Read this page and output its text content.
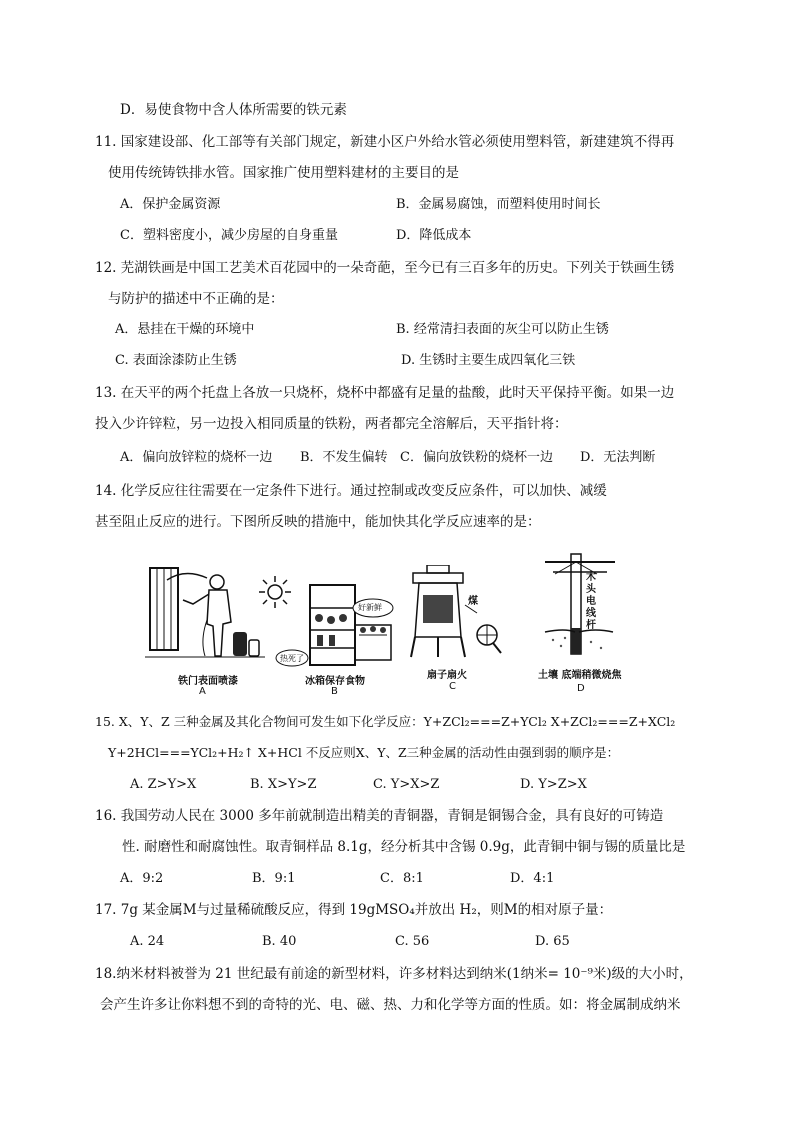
D．易使食物中含人体所需要的铁元素
11. 国家建设部、化工部等有关部门规定，新建小区户外给水管必须使用塑料管，新建建筑不得再
使用传统铸铁排水管。国家推广使用塑料建材的主要目的是
A．保护金属资源	B．金属易腐蚀，而塑料使用时间长
C．塑料密度小，减少房屋的自身重量	D．降低成本
12. 芜湖铁画是中国工艺美术百花园中的一朵奇葩，至今已有三百多年的历史。下列关于铁画生锈
与防护的描述中不正确的是：
A．悬挂在干燥的环境中	B. 经常清扫表面的灰尘可以防止生锈
C. 表面涂漆防止生锈	D. 生锈时主要生成四氧化三铁
13. 在天平的两个托盘上各放一只烧杯，烧杯中都盛有足量的盐酸，此时天平保持平衡。如果一边
投入少许锌粒，另一边投入相同质量的铁粉，两者都完全溶解后，天平指针将：
A．偏向放锌粒的烧杯一边 B．不发生偏转 C．偏向放铁粉的烧杯一边 D．无法判断
14. 化学反应往往需要在一定条件下进行。通过控制或改变反应条件，可以加快、减缓
甚至阻止反应的进行。下图所反映的措施中，能加快其化学反应速率的是：
铁门表面喷漆
A
好新鲜
热死了
冰箱保存食物
B
煤
扇子扇火
C
木
头
电
线
杆
土壤 底端稍微烧焦
D
15. X、Y、Z 三种金属及其化合物间可发生如下化学反应：Y+ZCl₂===Z+YCl₂ X+ZCl₂===Z+XCl₂
Y+2HCl===YCl₂+H₂↑ X+HCl 不反应则X、Y、Z三种金属的活动性由强到弱的顺序是：
A. Z>Y>X	B. X>Y>Z	C. Y>X>Z	D. Y>Z>X
16. 我国劳动人民在 3000 多年前就制造出精美的青铜器，青铜是铜锡合金，具有良好的可铸造
性. 耐磨性和耐腐蚀性。取青铜样品 8.1g，经分析其中含锡 0.9g，此青铜中铜与锡的质量比是
A．9:2	B．9:1	C．8:1	D．4:1
17. 7g 某金属M与过量稀硫酸反应，得到 19gMSO₄并放出 H₂，则M的相对原子量：
A. 24	B. 40	C. 56	D. 65
18.纳米材料被誉为 21 世纪最有前途的新型材料，许多材料达到纳米(1纳米= 10⁻⁹米)级的大小时，
会产生许多让你料想不到的奇特的光、电、磁、热、力和化学等方面的性质。如：将金属制成纳米
